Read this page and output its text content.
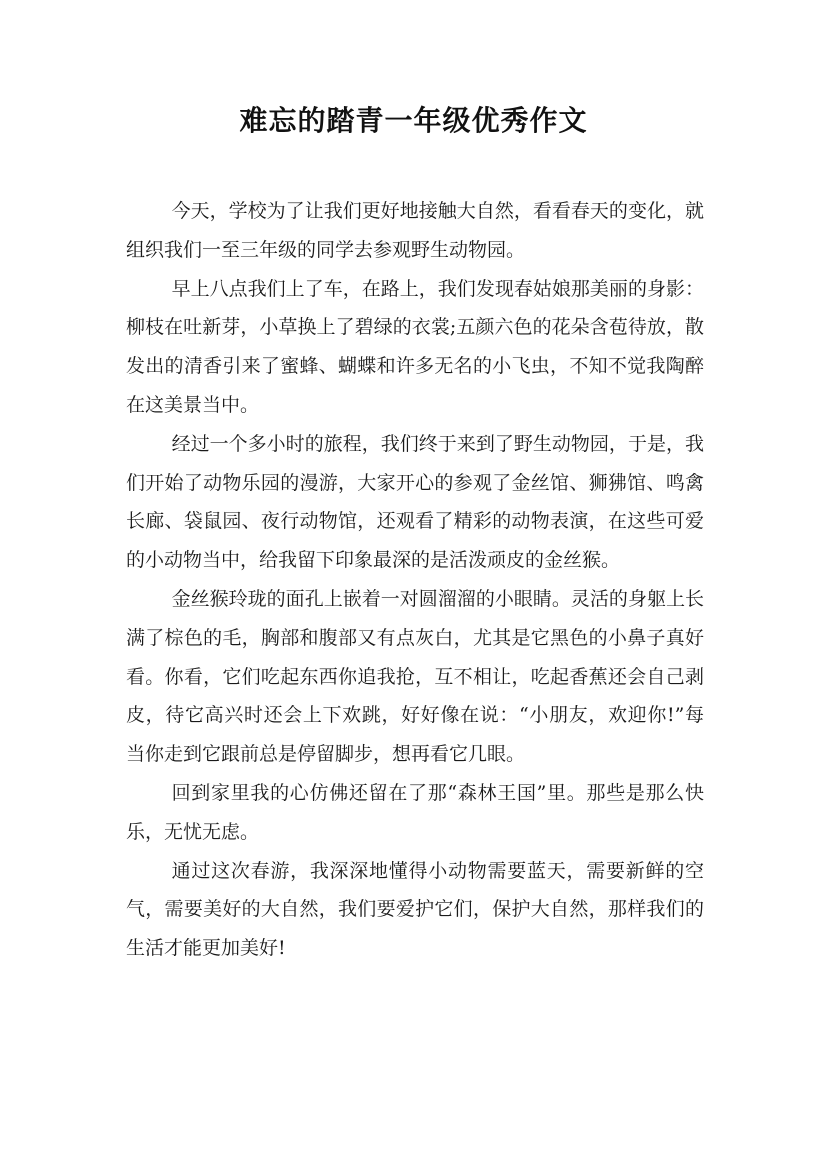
难忘的踏青一年级优秀作文

今天，学校为了让我们更好地接触大自然，看看春天的变化，就组织我们一至三年级的同学去参观野生动物园。

早上八点我们上了车，在路上，我们发现春姑娘那美丽的身影：柳枝在吐新芽，小草换上了碧绿的衣裳;五颜六色的花朵含苞待放，散发出的清香引来了蜜蜂、蝴蝶和许多无名的小飞虫，不知不觉我陶醉在这美景当中。

经过一个多小时的旅程，我们终于来到了野生动物园，于是，我们开始了动物乐园的漫游，大家开心的参观了金丝馆、狮狒馆、鸣禽长廊、袋鼠园、夜行动物馆，还观看了精彩的动物表演，在这些可爱的小动物当中，给我留下印象最深的是活泼顽皮的金丝猴。

金丝猴玲珑的面孔上嵌着一对圆溜溜的小眼睛。灵活的身躯上长满了棕色的毛，胸部和腹部又有点灰白，尤其是它黑色的小鼻子真好看。你看，它们吃起东西你追我抢，互不相让，吃起香蕉还会自己剥皮，待它高兴时还会上下欢跳，好好像在说：“小朋友，欢迎你!”每当你走到它跟前总是停留脚步，想再看它几眼。

回到家里我的心仿佛还留在了那“森林王国”里。那些是那么快乐，无忧无虑。

通过这次春游，我深深地懂得小动物需要蓝天，需要新鲜的空气，需要美好的大自然，我们要爱护它们，保护大自然，那样我们的生活才能更加美好!
